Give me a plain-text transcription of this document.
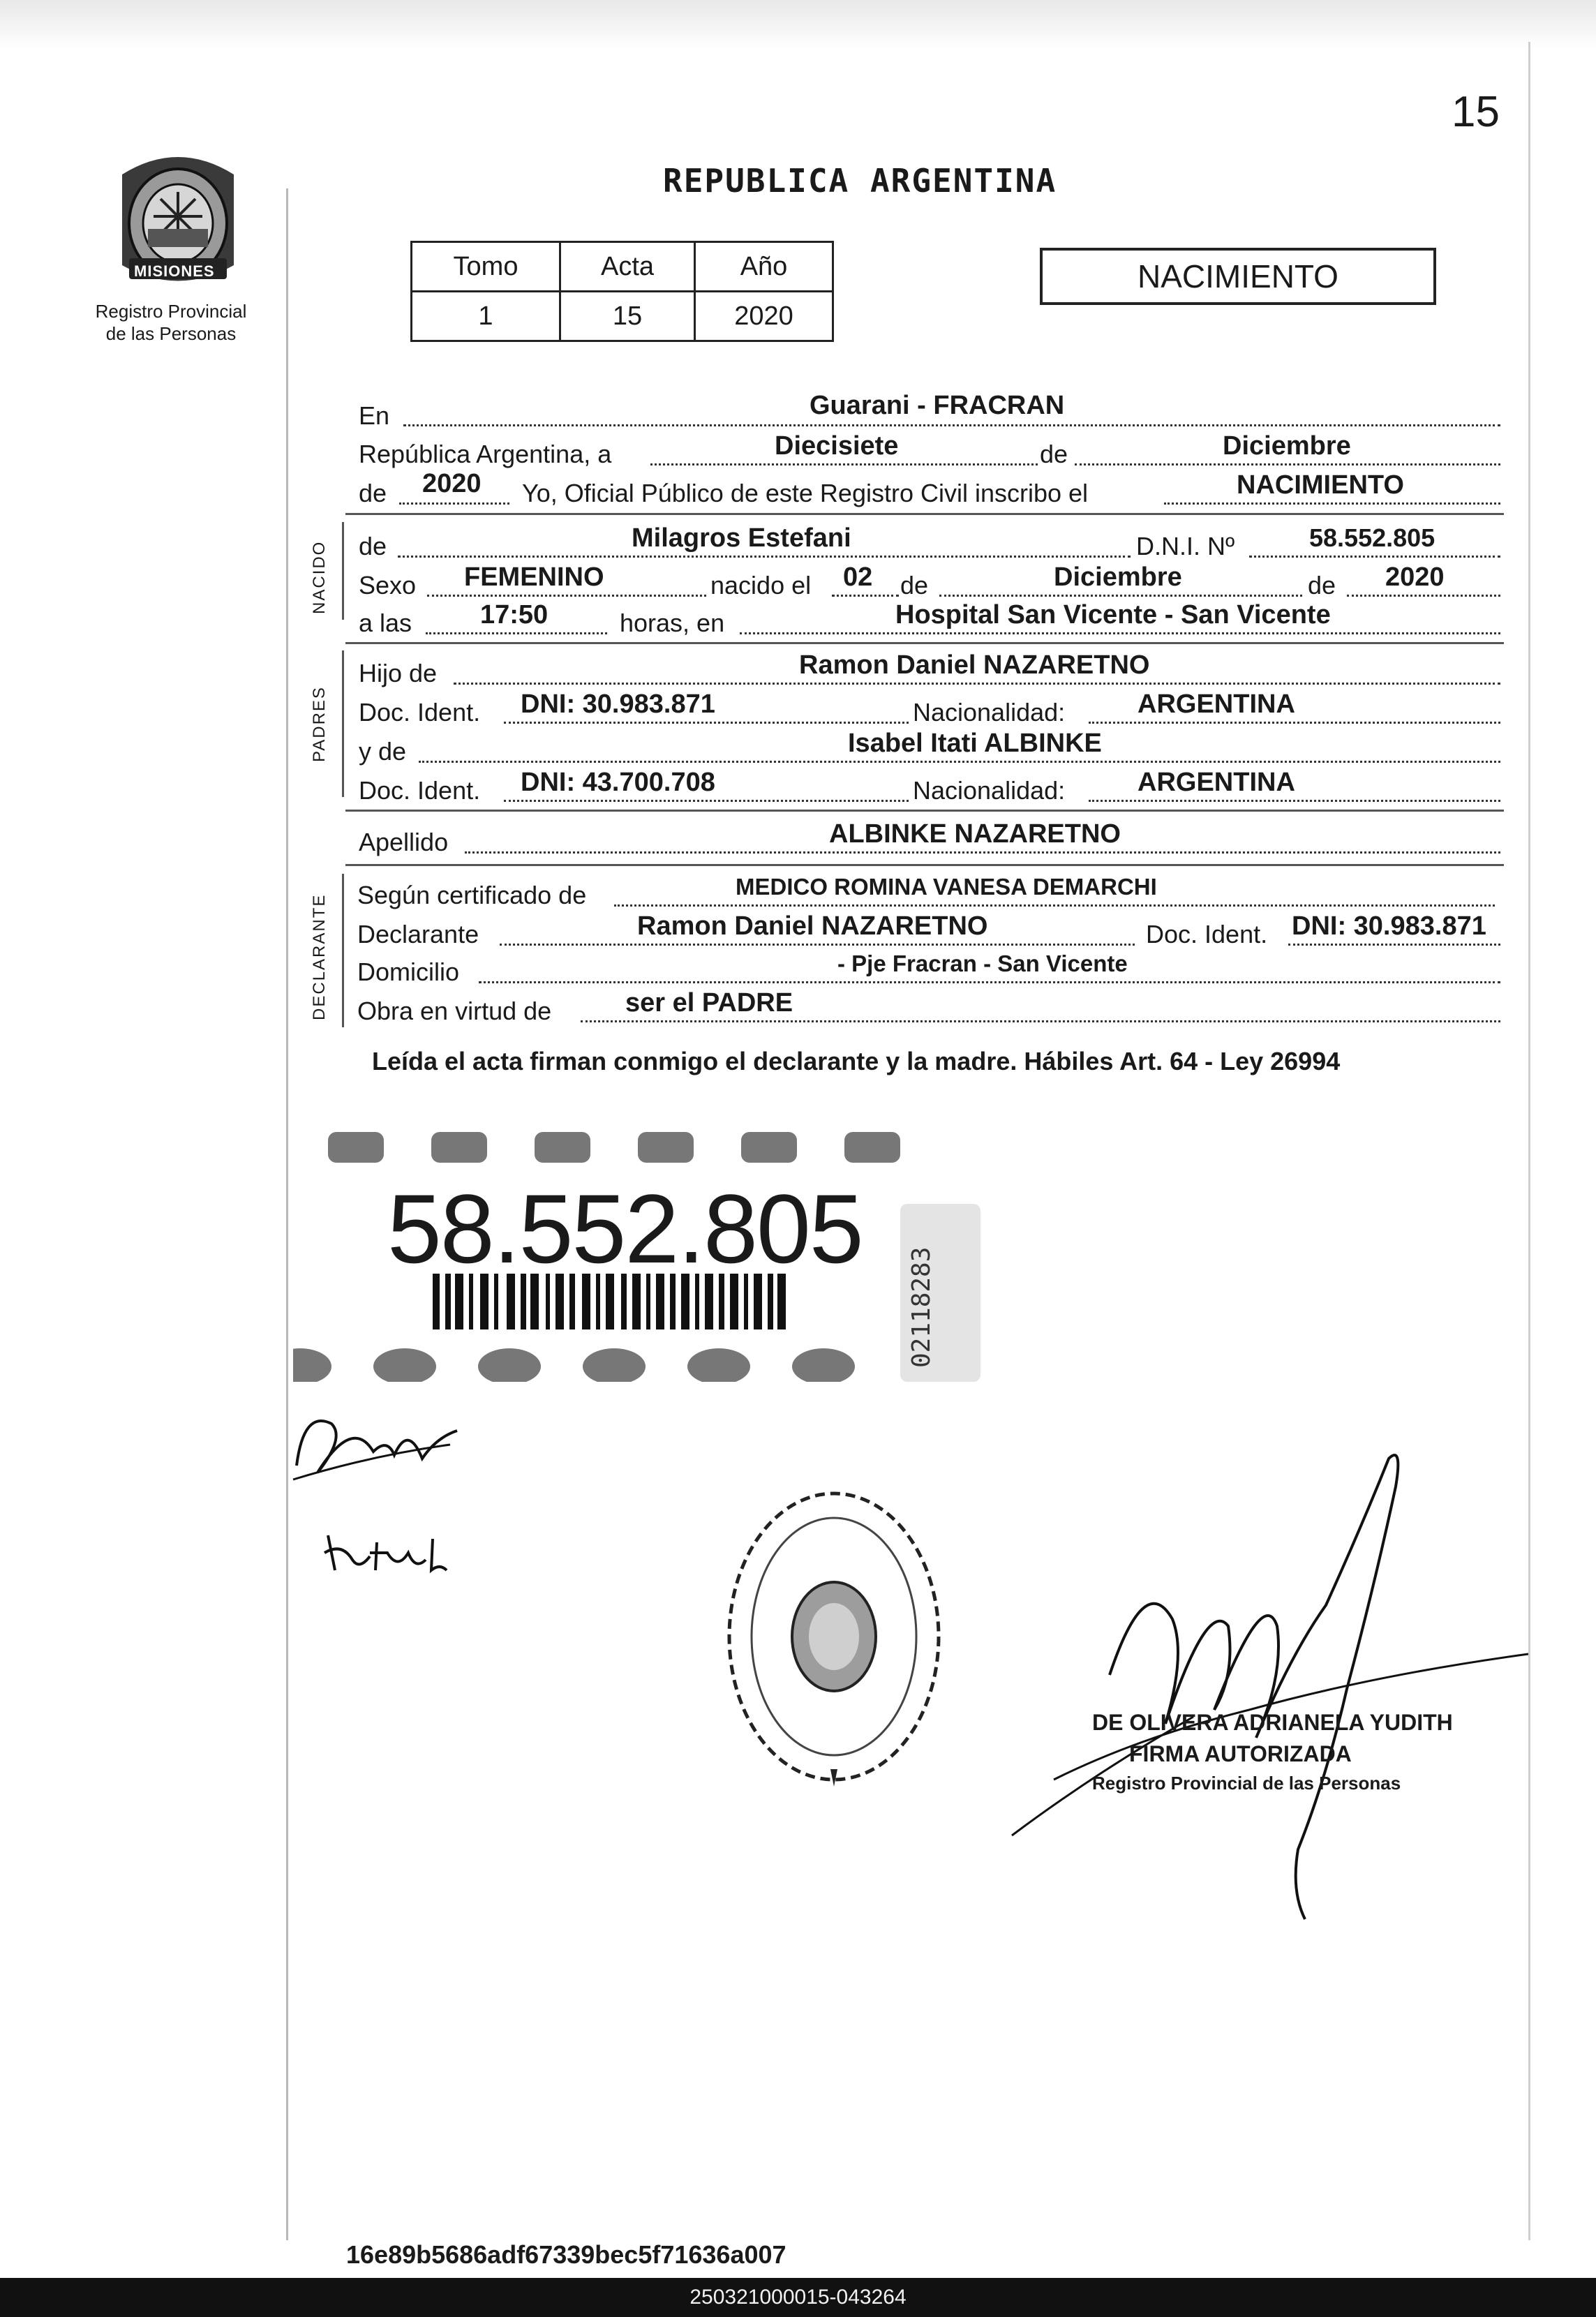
15
PROVINCIA DE
MISIONES
Registro Provincial
de las Personas
REPUBLICA ARGENTINA
Tomo	Acta	Año
1	15	2020
NACIMIENTO
En	Guarani - FRACRAN
República Argentina, a	Diecisiete	de	Diciembre
de 2020 Yo, Oficial Público de este Registro Civil inscribo el	NACIMIENTO
NACIDO de	Milagros Estefani	D.N.I. Nº	58.552.805
Sexo FEMENINO	nacido el 02 de	Diciembre	de 2020
a las	17:50	horas, en	Hospital San Vicente - San Vicente
PADRES
Hijo de	Ramon Daniel NAZARETNO
Doc. Ident. DNI: 30.983.871	Nacionalidad:	ARGENTINA
y de	Isabel Itati ALBINKE
Doc. Ident. DNI: 43.700.708	Nacionalidad:	ARGENTINA
Apellido	ALBINKE NAZARETNO
DECLARANTE Según certificado de	MEDICO ROMINA VANESA DEMARCHI
Declarante	Ramon Daniel NAZARETNO	Doc. Ident. DNI: 30.983.871
Domicilio	- Pje Fracran - San Vicente
Obra en virtud de	ser el PADRE
Leída el acta firman conmigo el declarante y la madre. Hábiles Art. 64 - Ley 26994
58.552.805
02118283
DE OLIVERA ADRIANELA YUDITH
FIRMA AUTORIZADA
Registro Provincial de las Personas
16e89b5686adf67339bec5f71636a007
250321000015-043264
